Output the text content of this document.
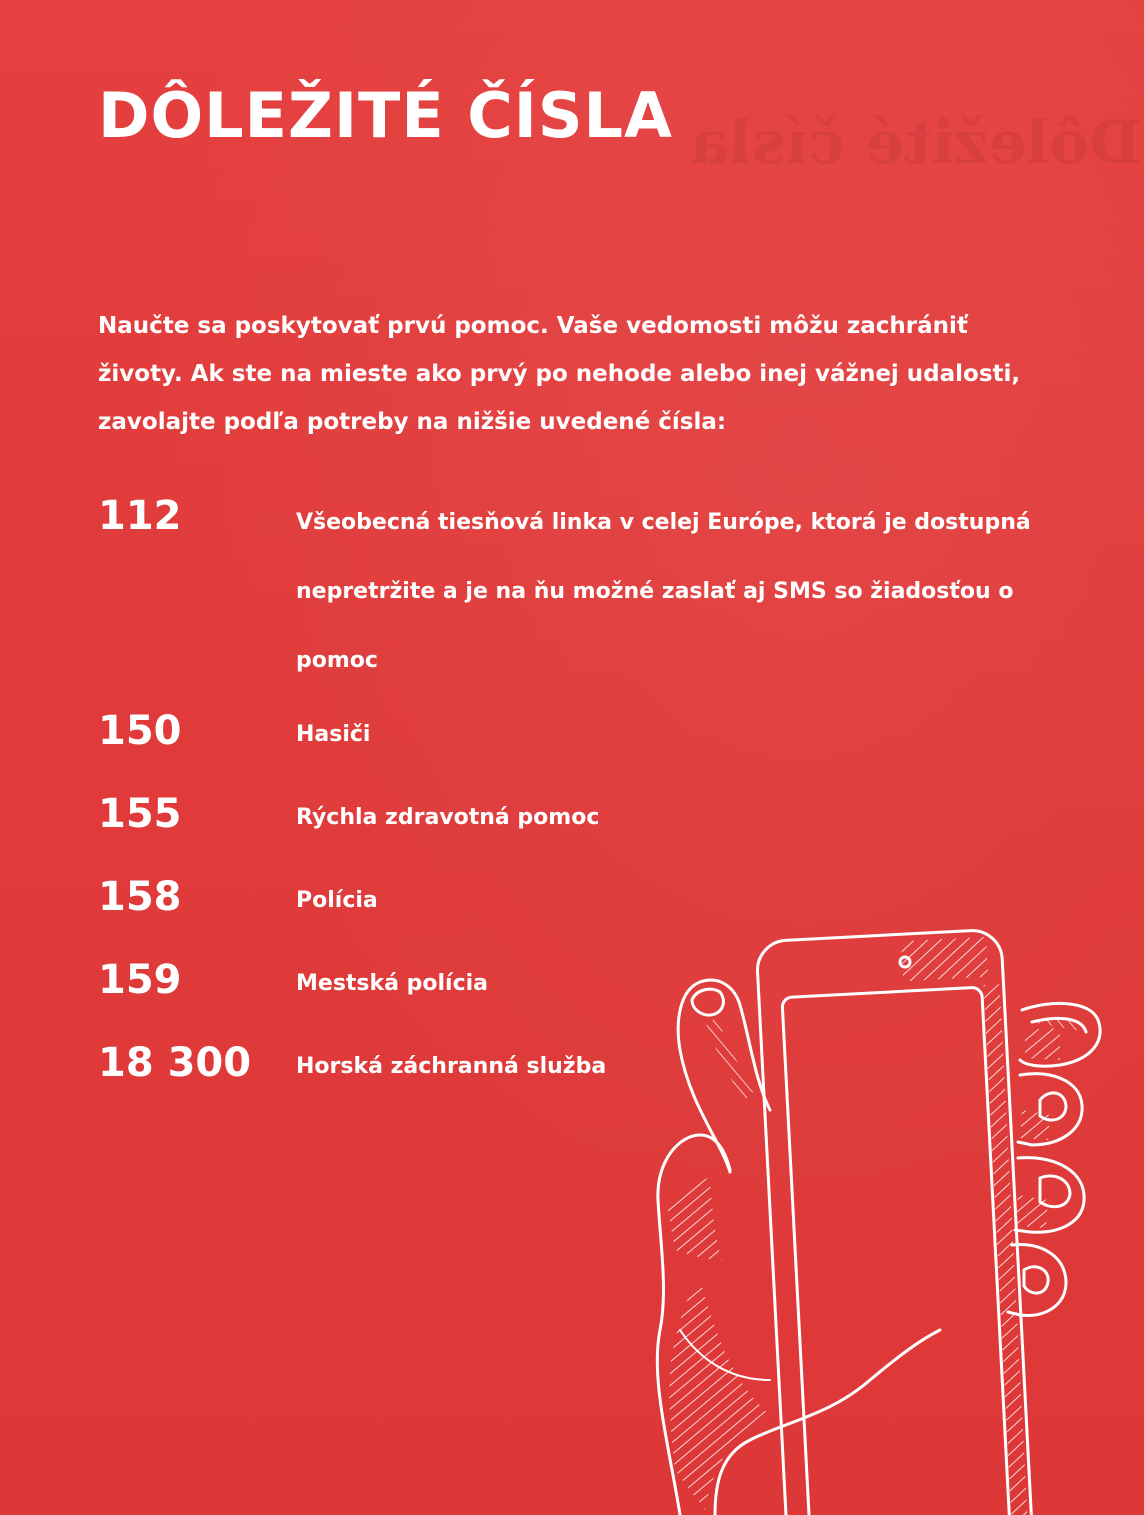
Dôležité čísla
DÔLEŽITÉ ČÍSLA

Naučte sa poskytovať prvú pomoc. Vaše vedomosti môžu zachrániť životy. Ak ste na mieste ako prvý po nehode alebo inej vážnej udalosti, zavolajte podľa potreby na nižšie uvedené čísla:

112	Všeobecná tiesňová linka v celej Európe, ktorá je dostupná nepretržite a je na ňu možné zaslať aj SMS so žiadosťou o pomoc
150	Hasiči
155	Rýchla zdravotná pomoc
158	Polícia
159	Mestská polícia
18 300	Horská záchranná služba
